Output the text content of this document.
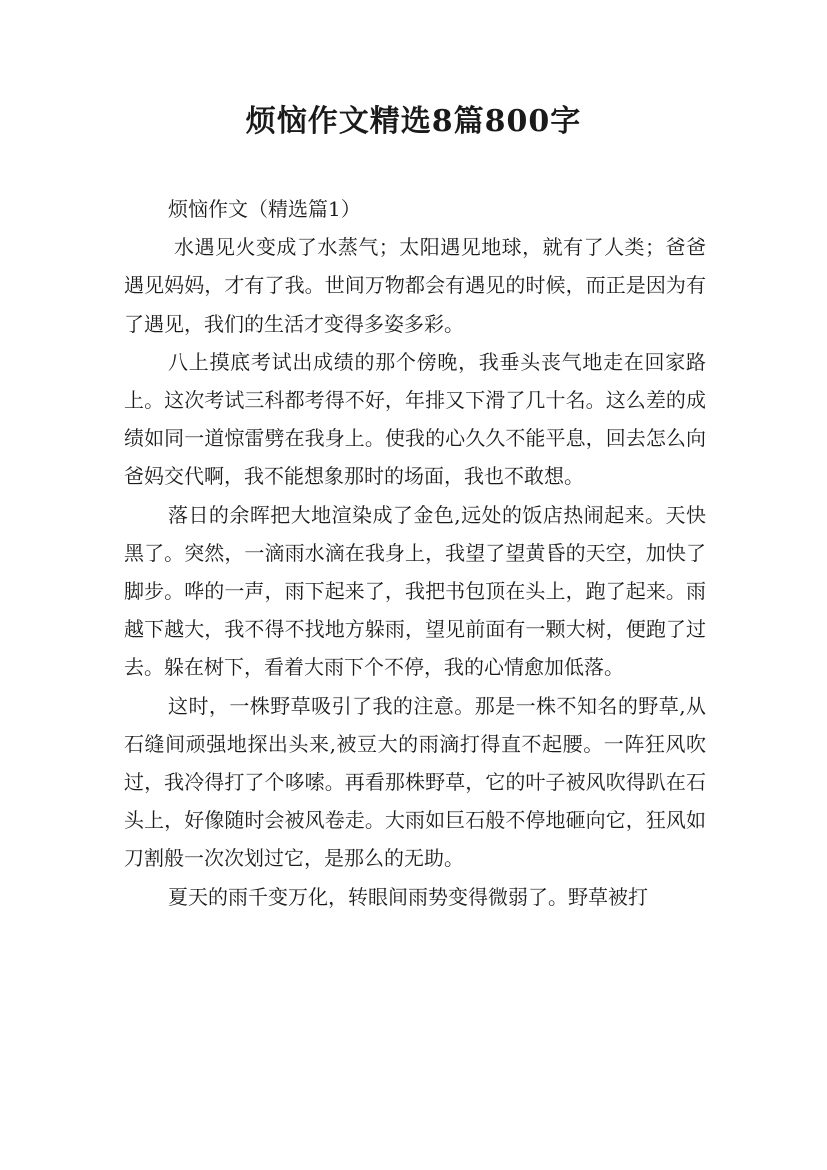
烦恼作文精选8篇800字

烦恼作文（精选篇1）

水遇见火变成了水蒸气；太阳遇见地球，就有了人类；爸爸遇见妈妈，才有了我。世间万物都会有遇见的时候，而正是因为有了遇见，我们的生活才变得多姿多彩。

八上摸底考试出成绩的那个傍晚，我垂头丧气地走在回家路上。这次考试三科都考得不好，年排又下滑了几十名。这么差的成绩如同一道惊雷劈在我身上。使我的心久久不能平息，回去怎么向爸妈交代啊，我不能想象那时的场面，我也不敢想。

落日的余晖把大地渲染成了金色,远处的饭店热闹起来。天快黑了。突然，一滴雨水滴在我身上，我望了望黄昏的天空，加快了脚步。哗的一声，雨下起来了，我把书包顶在头上，跑了起来。雨越下越大，我不得不找地方躲雨，望见前面有一颗大树，便跑了过去。躲在树下，看着大雨下个不停，我的心情愈加低落。

这时，一株野草吸引了我的注意。那是一株不知名的野草,从石缝间顽强地探出头来,被豆大的雨滴打得直不起腰。一阵狂风吹过，我冷得打了个哆嗦。再看那株野草，它的叶子被风吹得趴在石头上，好像随时会被风卷走。大雨如巨石般不停地砸向它，狂风如刀割般一次次划过它，是那么的无助。

夏天的雨千变万化，转眼间雨势变得微弱了。野草被打
